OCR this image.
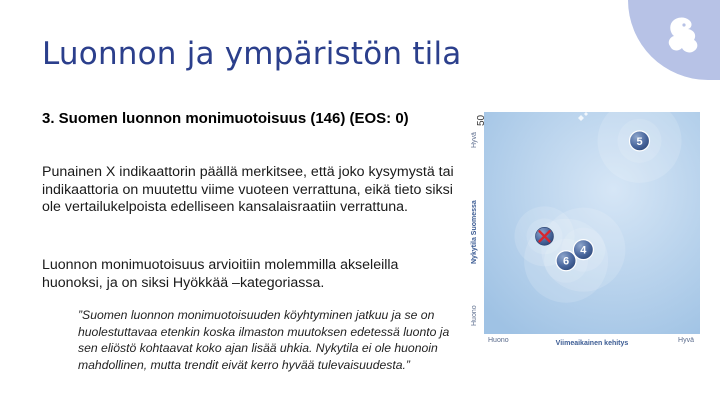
Luonnon ja ympäristön tila
3. Suomen luonnon monimuotoisuus (146) (EOS: 0)
Punainen X indikaattorin päällä merkitsee, että joko kysymystä tai indikaattoria on muutettu viime vuoteen verrattuna, eikä tieto siksi ole vertailukelpoista edelliseen kansalaisraatiin verrattuna.
Luonnon monimuotoisuus arvioitiin molemmilla akseleilla huonoksi, ja on siksi Hyökkää –kategoriassa.
”Suomen luonnon monimuotoisuuden köyhtyminen jatkuu ja se on huolestuttavaa etenkin koska ilmaston muutoksen edetessä luonto ja sen eliöstö kohtaavat koko ajan lisää uhkia. Nykytila ei ole huonoin mahdollinen, mutta trendit eivät kerro hyvää tulevaisuudesta.”
Hyvä
Nykytila Suomessa
Huono
50
Huono	Viimeaikainen kehitys	Hyvä
5
4
6
